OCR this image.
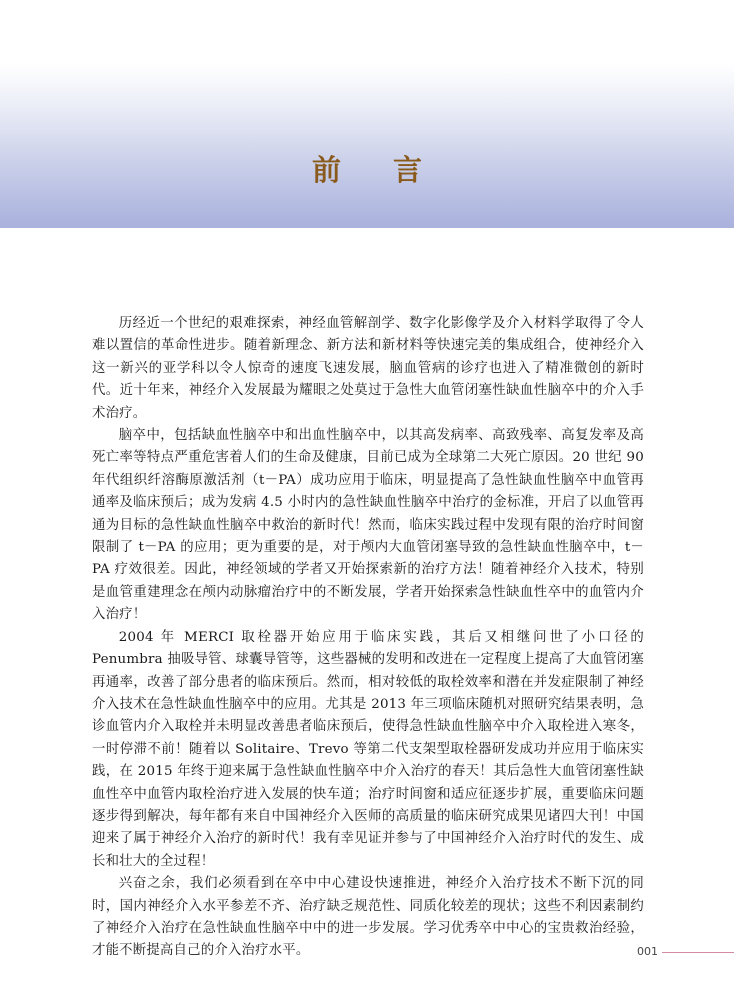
前 言

历经近一个世纪的艰难探索，神经血管解剖学、数字化影像学及介入材料学取得了令人难以置信的革命性进步。随着新理念、新方法和新材料等快速完美的集成组合，使神经介入这一新兴的亚学科以令人惊奇的速度飞速发展，脑血管病的诊疗也进入了精准微创的新时代。近十年来，神经介入发展最为耀眼之处莫过于急性大血管闭塞性缺血性脑卒中的介入手术治疗。

脑卒中，包括缺血性脑卒中和出血性脑卒中，以其高发病率、高致残率、高复发率及高死亡率等特点严重危害着人们的生命及健康，目前已成为全球第二大死亡原因。20 世纪 90 年代组织纤溶酶原激活剂（t－PA）成功应用于临床，明显提高了急性缺血性脑卒中血管再通率及临床预后；成为发病 4.5 小时内的急性缺血性脑卒中治疗的金标准，开启了以血管再通为目标的急性缺血性脑卒中救治的新时代！然而，临床实践过程中发现有限的治疗时间窗限制了 t－PA 的应用；更为重要的是，对于颅内大血管闭塞导致的急性缺血性脑卒中，t－PA 疗效很差。因此，神经领域的学者又开始探索新的治疗方法！随着神经介入技术，特别是血管重建理念在颅内动脉瘤治疗中的不断发展，学者开始探索急性缺血性卒中的血管内介入治疗！

2004 年 MERCI 取栓器开始应用于临床实践，其后又相继问世了小口径的 Penumbra 抽吸导管、球囊导管等，这些器械的发明和改进在一定程度上提高了大血管闭塞再通率，改善了部分患者的临床预后。然而，相对较低的取栓效率和潜在并发症限制了神经介入技术在急性缺血性脑卒中的应用。尤其是 2013 年三项临床随机对照研究结果表明，急诊血管内介入取栓并未明显改善患者临床预后，使得急性缺血性脑卒中介入取栓进入寒冬，一时停滞不前！随着以 Solitaire、Trevo 等第二代支架型取栓器研发成功并应用于临床实践，在 2015 年终于迎来属于急性缺血性脑卒中介入治疗的春天！其后急性大血管闭塞性缺血性卒中血管内取栓治疗进入发展的快车道；治疗时间窗和适应征逐步扩展，重要临床问题逐步得到解决，每年都有来自中国神经介入医师的高质量的临床研究成果见诸四大刊！中国迎来了属于神经介入治疗的新时代！我有幸见证并参与了中国神经介入治疗时代的发生、成长和壮大的全过程！

兴奋之余，我们必须看到在卒中中心建设快速推进，神经介入治疗技术不断下沉的同时，国内神经介入水平参差不齐、治疗缺乏规范性、同质化较差的现状；这些不利因素制约了神经介入治疗在急性缺血性脑卒中中的进一步发展。学习优秀卒中中心的宝贵救治经验，才能不断提高自己的介入治疗水平。	001
